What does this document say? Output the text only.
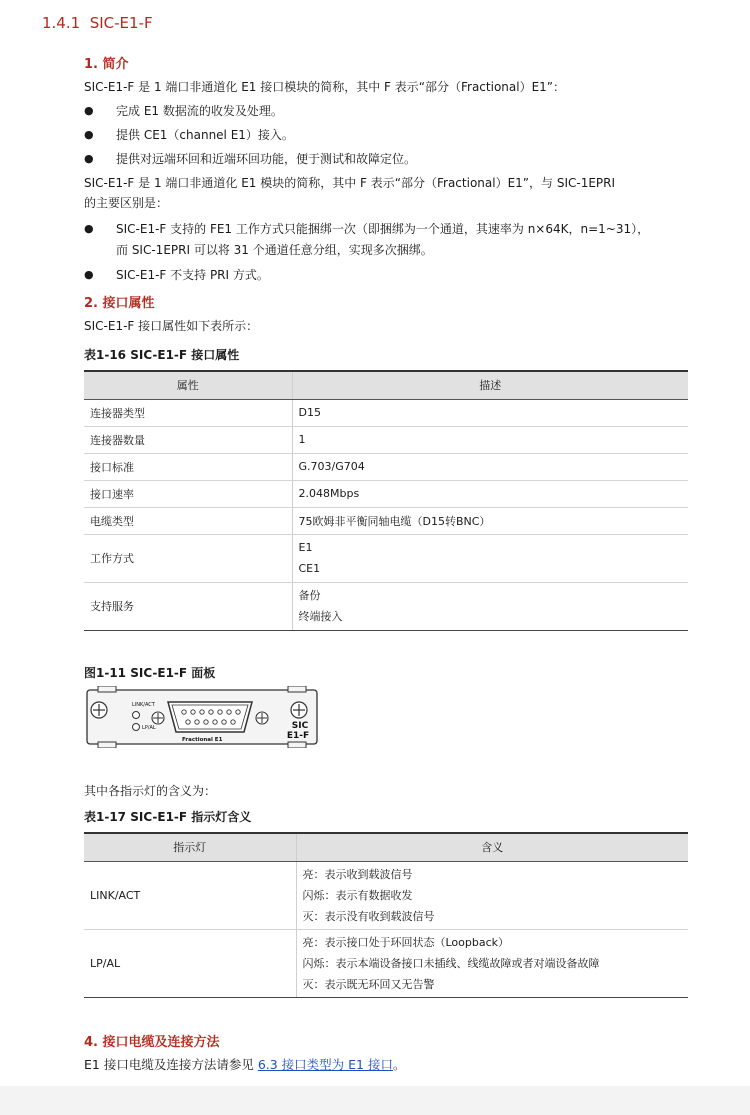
1.4.1 SIC-E1-F
1. 简介
SIC-E1-F 是 1 端口非通道化 E1 接口模块的简称，其中 F 表示“部分（Fractional）E1”：
● 完成 E1 数据流的收发及处理。
● 提供 CE1（channel E1）接入。
● 提供对远端环回和近端环回功能，便于测试和故障定位。
SIC-E1-F 是 1 端口非通道化 E1 模块的简称，其中 F 表示“部分（Fractional）E1”，与 SIC-1EPRI
的主要区别是：
● SIC-E1-F 支持的 FE1 工作方式只能捆绑一次（即捆绑为一个通道，其速率为 n×64K，n=1~31），
而 SIC-1EPRI 可以将 31 个通道任意分组，实现多次捆绑。
● SIC-E1-F 不支持 PRI 方式。
2. 接口属性
SIC-E1-F 接口属性如下表所示：
表1-16 SIC-E1-F 接口属性
属性	描述
连接器类型	D15
连接器数量	1
接口标准	G.703/G704
接口速率	2.048Mbps
电缆类型	75欧姆非平衡同轴电缆（D15转BNC）
工作方式	E1
CE1

支持服务	备份
终端接入
图1-11 SIC-E1-F 面板
LINK/ACT
LP/AL
Fractional E1
SIC
E1-F
其中各指示灯的含义为：
表1-17 SIC-E1-F 指示灯含义
指示灯	含义
LINK/ACT	亮：表示收到载波信号
闪烁：表示有数据收发
灭：表示没有收到载波信号

LP/AL	亮：表示接口处于环回状态（Loopback）
闪烁：表示本端设备接口未插线、线缆故障或者对端设备故障
灭：表示既无环回又无告警
4. 接口电缆及连接方法
E1 接口电缆及连接方法请参见 6.3 接口类型为 E1 接口。
